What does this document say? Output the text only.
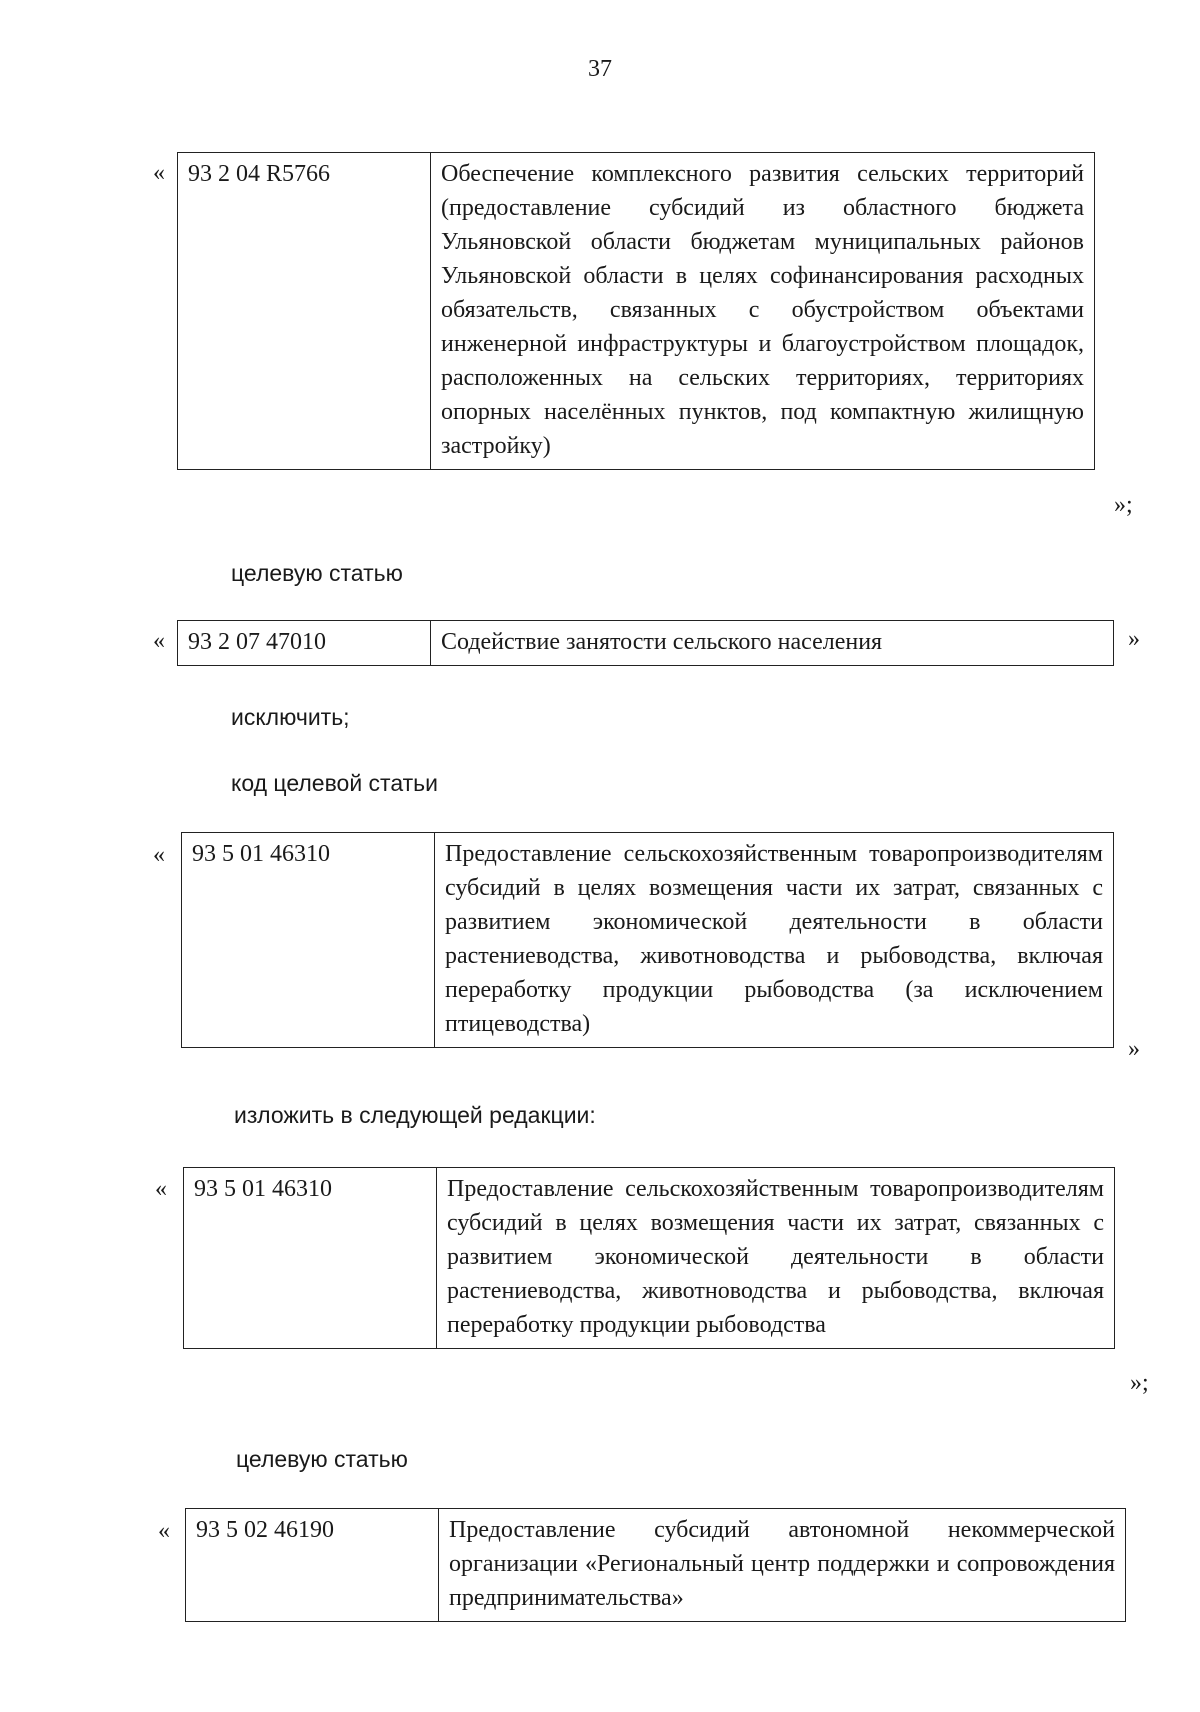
37
« 93 2 04 R5766	Обеспечение комплексного развития сельских территорий (предоставление субсидий из областного бюджета Ульяновской области бюджетам муниципальных районов Ульяновской области в целях софинансирования расходных обязательств, связанных с обустройством объектами инженерной инфраструктуры и благоустройством площадок, расположенных на сельских территориях, территориях опорных населённых пунктов, под компактную жилищную застройку)
»;
целевую статью
« 93 2 07 47010	Содействие занятости сельского населения	»
исключить;
код целевой статьи
« 93 5 01 46310	Предоставление сельскохозяйственным товаропроизводителям субсидий в целях возмещения части их затрат, связанных с развитием экономической деятельности в области растениеводства, животноводства и рыбоводства, включая переработку продукции рыбоводства (за исключением птицеводства)
»
изложить в следующей редакции:
« 93 5 01 46310	Предоставление сельскохозяйственным товаропроизводителям субсидий в целях возмещения части их затрат, связанных с развитием экономической деятельности в области растениеводства, животноводства и рыбоводства, включая переработку продукции рыбоводства
»;
целевую статью
« 93 5 02 46190	Предоставление субсидий автономной некоммерческой организации «Региональный центр поддержки и сопровождения предпринимательства»
